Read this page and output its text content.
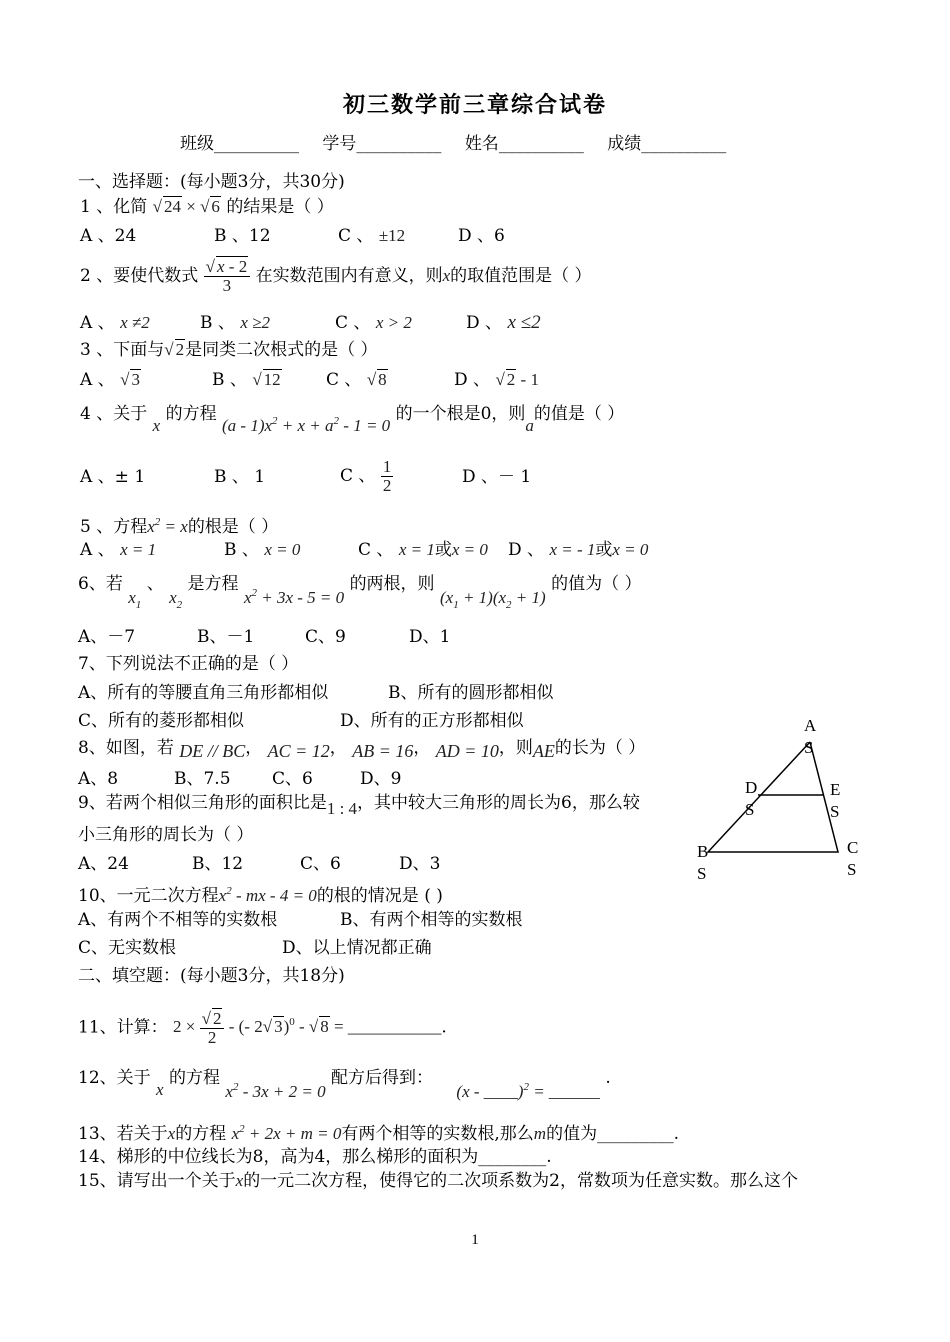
初三数学前三章综合试卷
班级__________ 学号__________ 姓名__________ 成绩__________
一、选择题：(每小题3分，共30分)
1 、化简 √ 24 × √ 6 的结果是（ ）
A 、24	B 、12	C 、 ±12	D 、6
2 、要使代数式 $\frac{√ x - 2}{3}$ 在实数范围内有意义，则x的取值范围是（ ）
A 、 x ≠2	B 、 x ≥2	C 、 x > 2	D 、 x ≤2
3 、下面与√ 2是同类二次根式的是（ ）
A 、 √ 3	B 、 √ 12	C 、 √ 8	D 、 √ 2 - 1
4 、关于 x 的方程 $(a - 1)x^2 + x + a^2 - 1 = 0$ 的一个根是0，则a的值是（ ）
A 、± 1	B 、 1	C 、 $\frac{1}{2}$	D 、－ 1
5 、方程$x^2 = x$的根是（ ）
A 、 x = 1	B 、 x = 0	C 、 x = 1或x = 0 D 、 x = - 1或x = 0
6、若 $x_1$ 、 $x_2$ 是方程 $x^2 + 3x - 5 = 0$ 的两根，则 $(x_1 + 1)(x_2 + 1)$ 的值为（ ）
A、－7	B、－1	C、9	D、1
7、下列说法不正确的是（ ）
A、所有的等腰直角三角形都相似	B、所有的圆形都相似
C、所有的菱形都相似	D、所有的正方形都相似
8、如图，若 DE // BC， AC = 12， AB = 16， AD = 10，则AE的长为（ ）
A、8	B、7.5 C、6	D、9
9、若两个相似三角形的面积比是1 : 4，其中较大三角形的周长为6，那么较
小三角形的周长为（ ）
A、24	B、12	C、6	D、3
10、一元二次方程$x^2$ - mx - 4 = 0的根的情况是 ( )
A、有两个不相等的实数根	B、有两个相等的实数根
C、无实数根	D、以上情况都正确
二、填空题：(每小题3分，共18分)
11、计算： $2 \times \frac{√ 2}{2}$ - (- 2√ 3)$^0$ - √ 8 = ___________.
12、关于 x 的方程 $x^2 - 3x + 2 = 0$ 配方后得到： (x - ____)$^2$ = ______ .
13、若关于x的方程 $x^2 + 2x + m = 0$有两个相等的实数根,那么m的值为_________.
14、梯形的中位线长为8，高为4，那么梯形的面积为________.
15、请写出一个关于x的一元二次方程，使得它的二次项系数为2，常数项为任意实数。那么这个
A
S
D
S
E
S
B
S
C
S
1
